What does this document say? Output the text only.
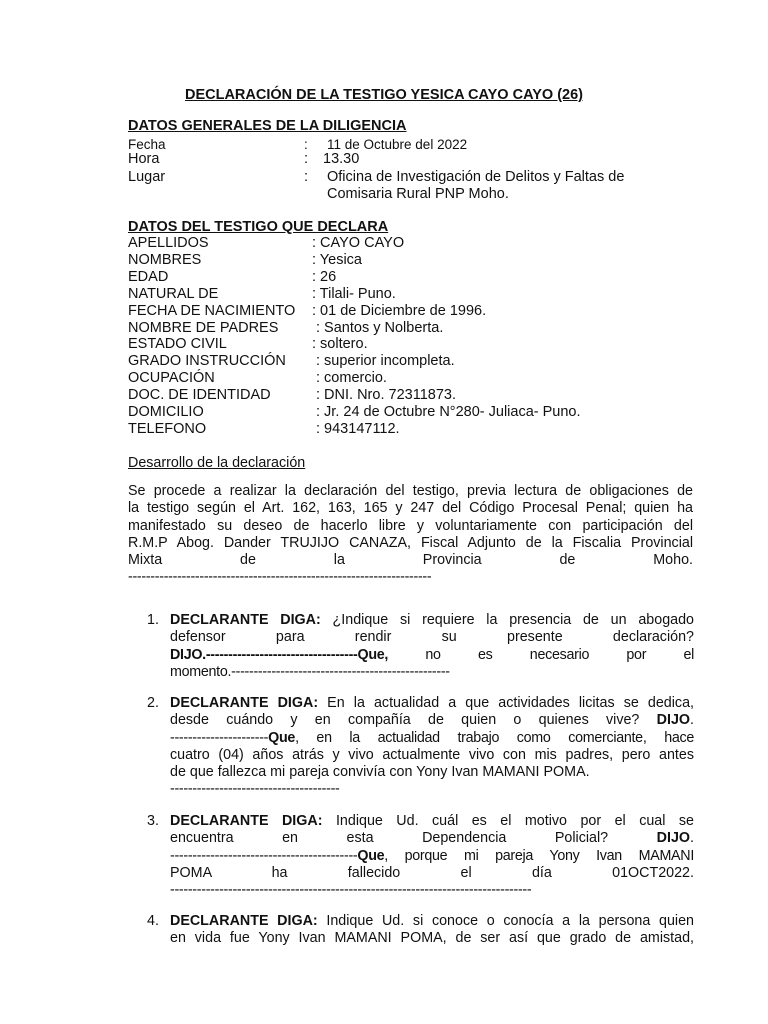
DECLARACIÓN DE LA TESTIGO YESICA CAYO CAYO (26)
DATOS GENERALES DE LA DILIGENCIA
Fecha	: 11 de Octubre del 2022
Hora	: 13.30
Lugar	: Oficina de Investigación de Delitos y Faltas de
Comisaria Rural PNP Moho.
DATOS DEL TESTIGO QUE DECLARA
APELLIDOS	: CAYO CAYO
NOMBRES	: Yesica
EDAD	: 26
NATURAL DE	: Tilali- Puno.
FECHA DE NACIMIENTO : 01 de Diciembre de 1996.
NOMBRE DE PADRES	: Santos y Nolberta.
ESTADO CIVIL	: soltero.
GRADO INSTRUCCIÓN : superior incompleta.
OCUPACIÓN	: comercio.
DOC. DE IDENTIDAD	: DNI. Nro. 72311873.
DOMICILIO	: Jr. 24 de Octubre N°280- Juliaca- Puno.
TELEFONO	: 943147112.
Desarrollo de la declaración
Se procede a realizar la declaración del testigo, previa lectura de obligaciones de
la testigo según el Art. 162, 163, 165 y 247 del Código Procesal Penal; quien ha
manifestado su deseo de hacerlo libre y voluntariamente con participación del
R.M.P Abog. Dander TRUJIJO CANAZA, Fiscal Adjunto de la Fiscalia Provincial
Mixta de la Provincia de Moho.
--------------------------------------------------------------------
1. DECLARANTE DIGA: ¿Indique si requiere la presencia de un abogado
defensor para rendir su presente declaración?
DIJO.----------------------------------Que, no es necesario por el
momento.-------------------------------------------------
2. DECLARANTE DIGA: En la actualidad a que actividades licitas se dedica,
desde cuándo y en compañía de quien o quienes vive? DIJO.
----------------------Que, en la actualidad trabajo como comerciante, hace
cuatro (04) años atrás y vivo actualmente vivo con mis padres, pero antes
de que fallezca mi pareja convivía con Yony Ivan MAMANI POMA.
--------------------------------------
3. DECLARANTE DIGA: Indique Ud. cuál es el motivo por el cual se
encuentra en esta Dependencia Policial? DIJO.
------------------------------------------Que, porque mi pareja Yony Ivan MAMANI
POMA ha fallecido el día 01OCT2022.
---------------------------------------------------------------------------------
4. DECLARANTE DIGA: Indique Ud. si conoce o conocía a la persona quien
en vida fue Yony Ivan MAMANI POMA, de ser así que grado de amistad,
